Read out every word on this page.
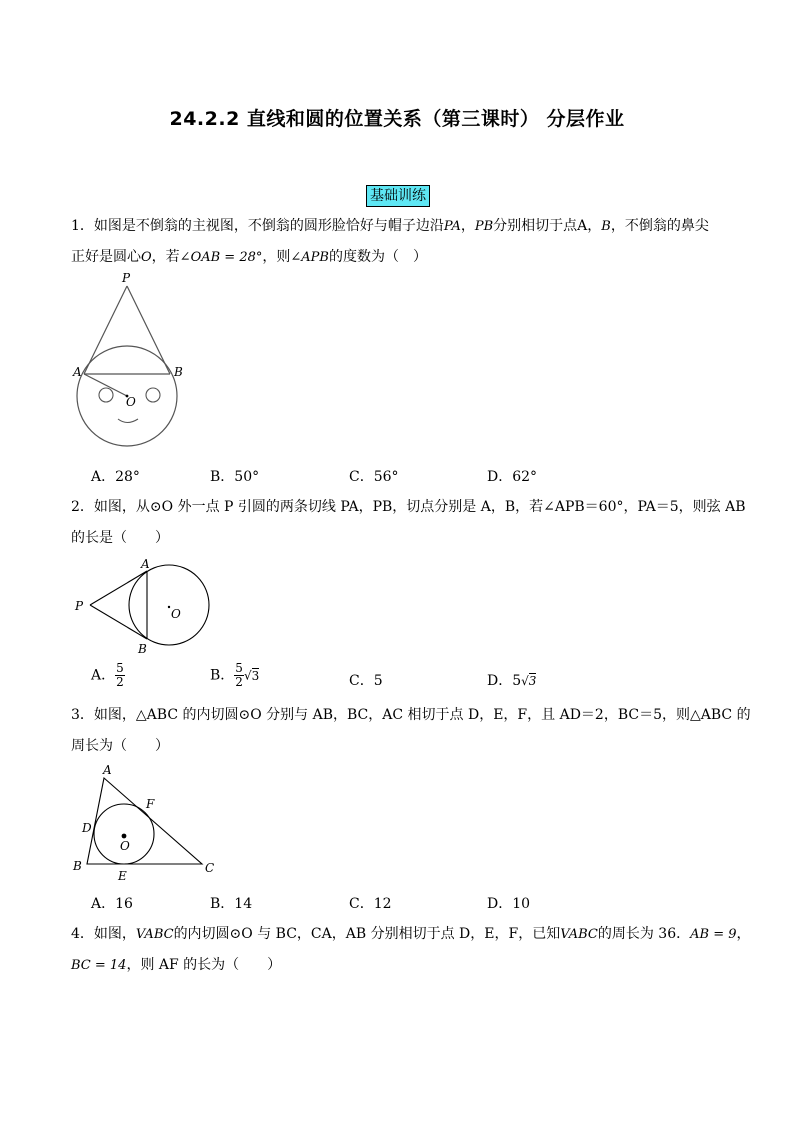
24.2.2 直线和圆的位置关系（第三课时） 分层作业
基础训练
1．如图是不倒翁的主视图，不倒翁的圆形脸恰好与帽子边沿PA，PB分别相切于点A，B，不倒翁的鼻尖
正好是圆心O，若∠OAB = 28°，则∠APB的度数为（　）
P
A	B
O
A．28°	B．50°	C．56°	D．62°
2．如图，从⊙O 外一点 P 引圆的两条切线 PA，PB，切点分别是 A，B，若∠APB＝60°，PA＝5，则弦 AB
的长是（　　）
A
B
P
O
A． $\frac{5}{2}$	B． $\frac{5}{2} √3$	C．5	D．5√3
3．如图，△ABC 的内切圆⊙O 分别与 AB，BC，AC 相切于点 D，E，F，且 AD＝2，BC＝5，则△ABC 的
周长为（　　）
A
B	C
D
E
F
O
A．16	B．14	C．12	D．10
4．如图，VABC的内切圆⊙O 与 BC，CA，AB 分别相切于点 D，E，F，已知VABC的周长为 36．AB = 9，
BC = 14，则 AF 的长为（　　）
